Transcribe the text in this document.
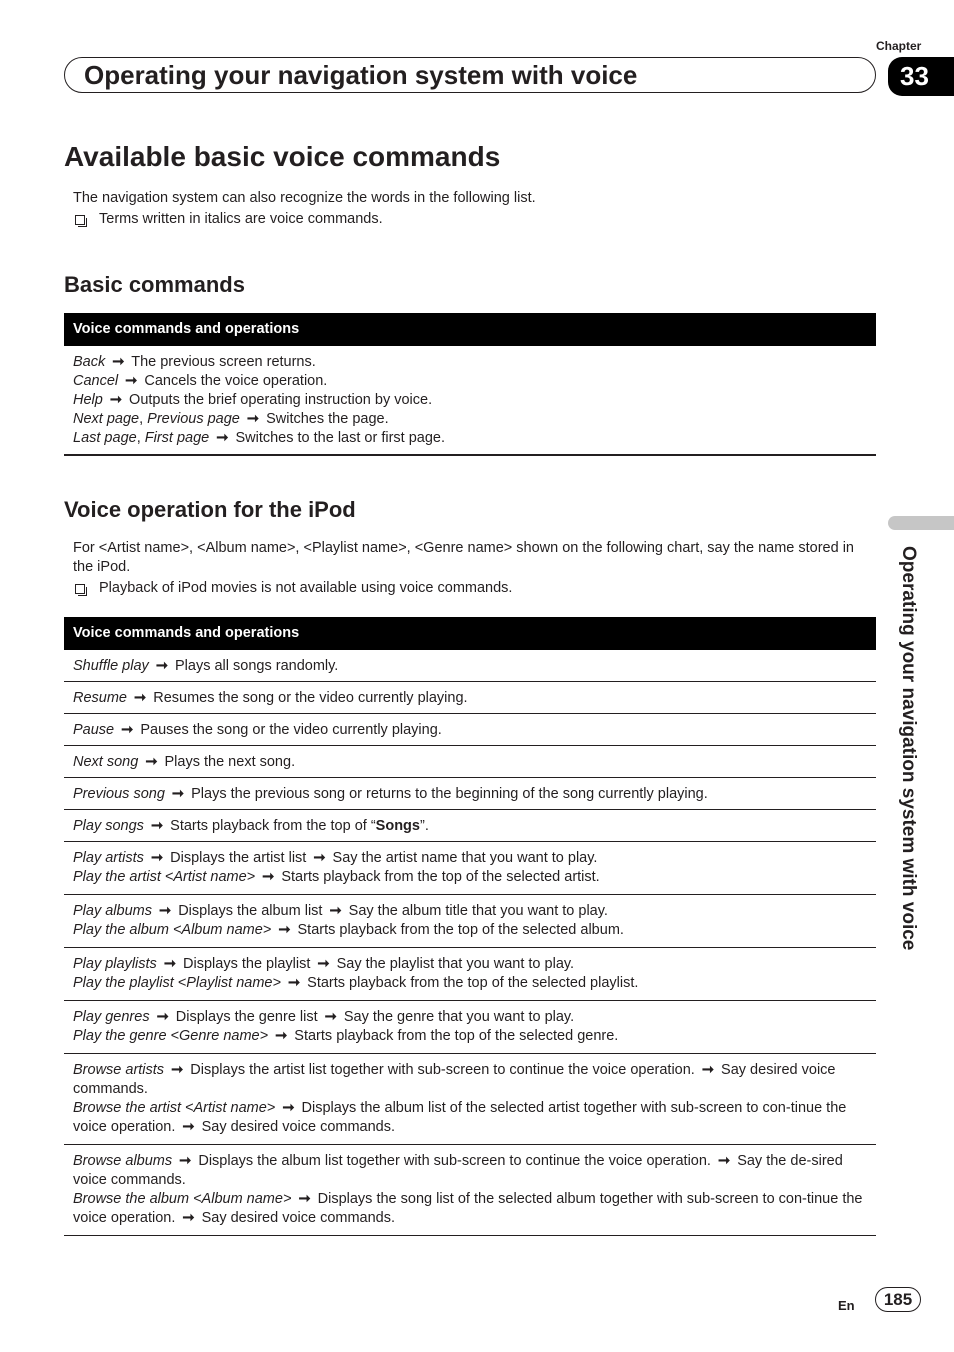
Chapter
33
Operating your navigation system with voice
Available basic voice commands
The navigation system can also recognize the words in the following list.
Terms written in italics are voice commands.
Basic commands
Voice commands and operations
Back ➞ The previous screen returns.
Cancel ➞ Cancels the voice operation.
Help ➞ Outputs the brief operating instruction by voice.
Next page, Previous page ➞ Switches the page.
Last page, First page ➞ Switches to the last or first page.
Voice operation for the iPod
For <Artist name>, <Album name>, <Playlist name>, <Genre name> shown on the following chart, say the name stored in the iPod.
Playback of iPod movies is not available using voice commands.
Voice commands and operations
Shuffle play ➞ Plays all songs randomly.
Resume ➞ Resumes the song or the video currently playing.
Pause ➞ Pauses the song or the video currently playing.
Next song ➞ Plays the next song.
Previous song ➞ Plays the previous song or returns to the beginning of the song currently playing.
Play songs ➞ Starts playback from the top of “Songs”.
Play artists ➞ Displays the artist list ➞ Say the artist name that you want to play.
Play the artist <Artist name> ➞ Starts playback from the top of the selected artist.
Play albums ➞ Displays the album list ➞ Say the album title that you want to play.
Play the album <Album name> ➞ Starts playback from the top of the selected album.
Play playlists ➞ Displays the playlist ➞ Say the playlist that you want to play.
Play the playlist <Playlist name> ➞ Starts playback from the top of the selected playlist.
Play genres ➞ Displays the genre list ➞ Say the genre that you want to play.
Play the genre <Genre name> ➞ Starts playback from the top of the selected genre.
Browse artists ➞ Displays the artist list together with sub-screen to continue the voice operation. ➞ Say desired voice commands.
Browse the artist <Artist name> ➞ Displays the album list of the selected artist together with sub-screen to con-tinue the voice operation. ➞ Say desired voice commands.
Browse albums ➞ Displays the album list together with sub-screen to continue the voice operation. ➞ Say the de-sired voice commands.
Browse the album <Album name> ➞ Displays the song list of the selected album together with sub-screen to con-tinue the voice operation. ➞ Say desired voice commands.
Operating your navigation system with voice
En	185
